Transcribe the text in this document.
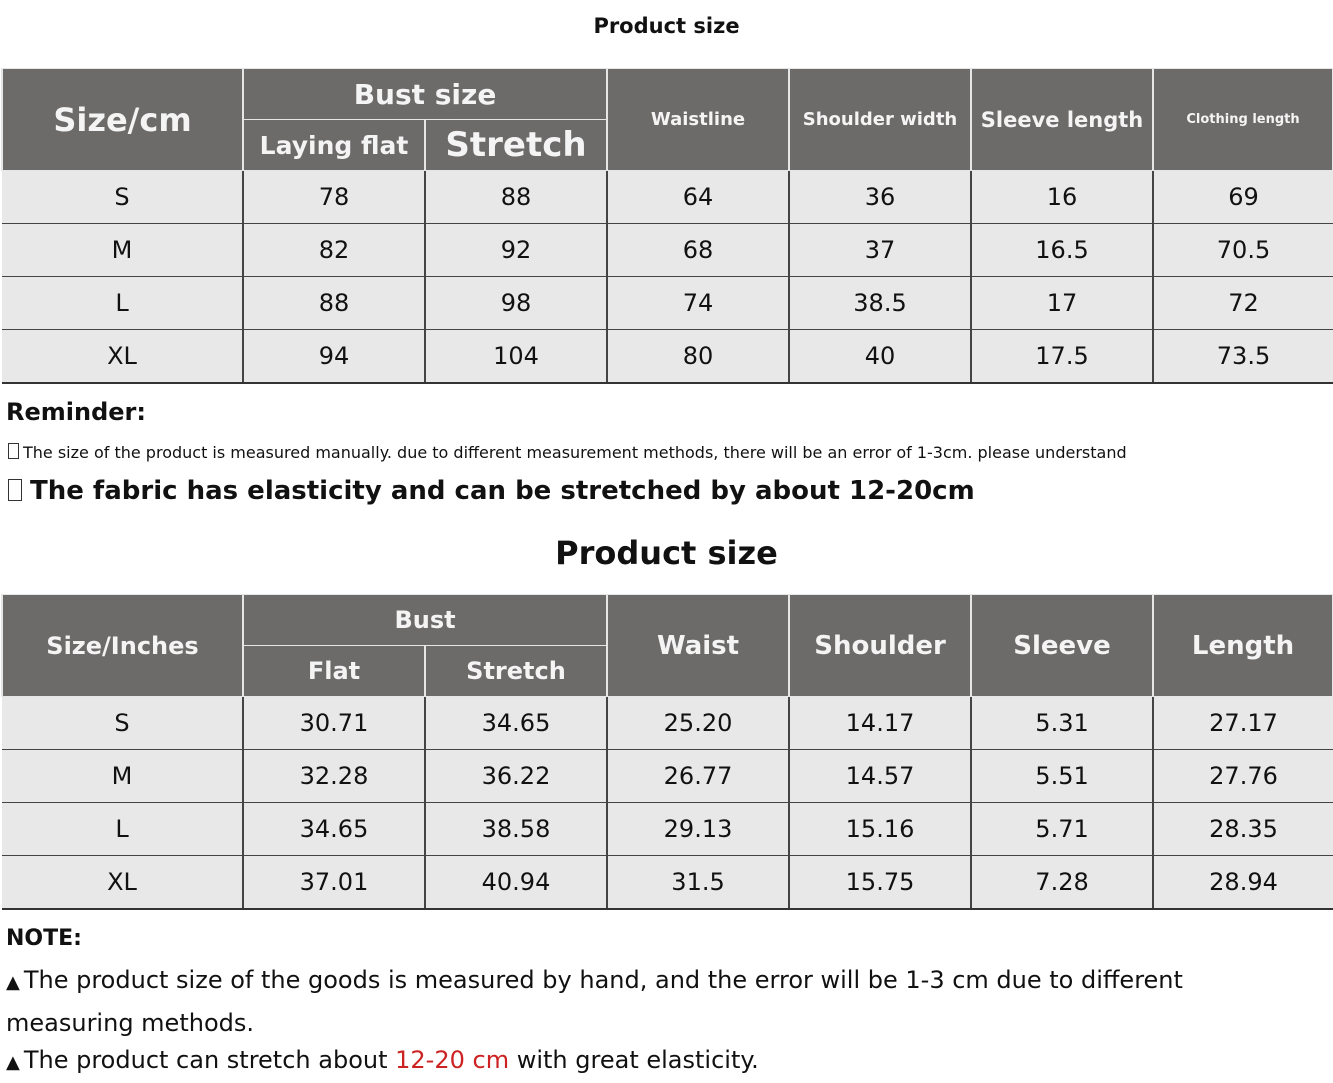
Product size
Size/cm	Bust size		Waistline	Shoulder width	Sleeve length	Clothing length
	Laying flat	Stretch				
S	78	88	64	36	16	69
M	82	92	68	37	16.5	70.5
L	88	98	74	38.5	17	72
XL	94	104	80	40	17.5	73.5
Reminder:
The size of the product is measured manually. due to different measurement methods, there will be an error of 1-3cm. please understand
The fabric has elasticity and can be stretched by about 12-20cm
Product size
Size/Inches	Bust		Waist	Shoulder	Sleeve	Length
	Flat	Stretch				
S	30.71	34.65	25.20	14.17	5.31	27.17
M	32.28	36.22	26.77	14.57	5.51	27.76
L	34.65	38.58	29.13	15.16	5.71	28.35
XL	37.01	40.94	31.5	15.75	7.28	28.94
NOTE:
▲ The product size of the goods is measured by hand, and the error will be 1-3 cm due to different measuring methods.
▲ The product can stretch about 12-20 cm with great elasticity.
